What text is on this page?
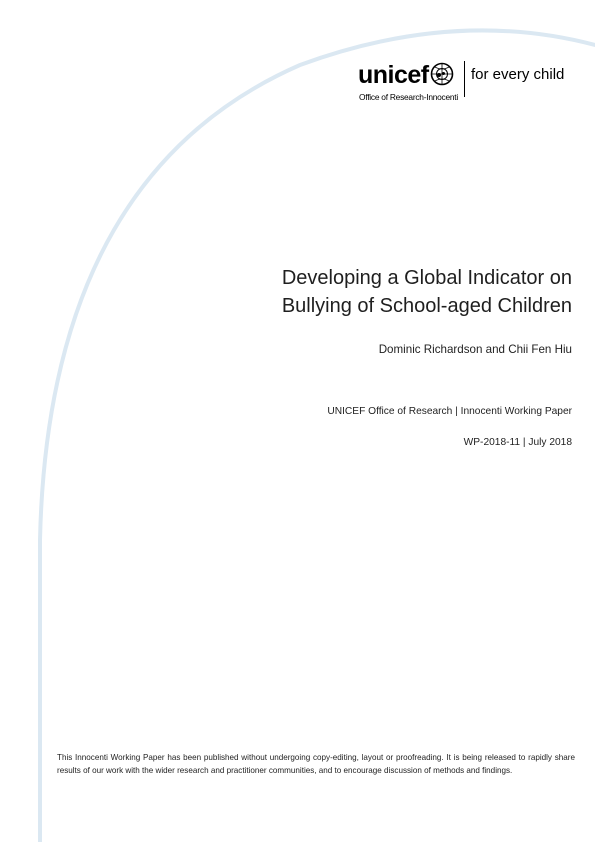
unicef
Office of Research-Innocenti
for every child
Developing a Global Indicator on
Bullying of School-aged Children
Dominic Richardson and Chii Fen Hiu
UNICEF Office of Research | Innocenti Working Paper
WP-2018-11 | July 2018

This Innocenti Working Paper has been published without undergoing copy-editing, layout or proofreading. It is being released to rapidly share results of our work with the wider research and practitioner communities, and to encourage discussion of methods and findings.
